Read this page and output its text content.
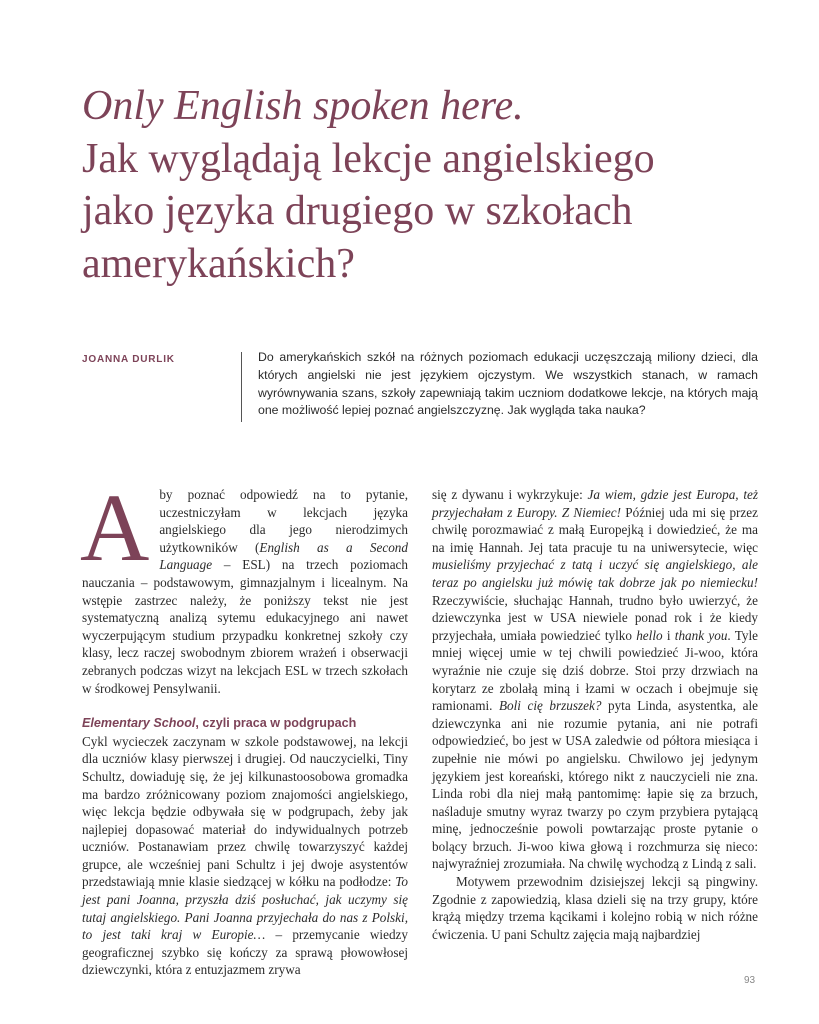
Only English spoken here.
Jak wyglądają lekcje angielskiego
jako języka drugiego w szkołach
amerykańskich?
JOANNA DURLIK	Do amerykańskich szkół na różnych poziomach edukacji uczęszczają miliony dzieci, dla których angielski nie jest językiem ojczystym. We wszystkich stanach, w ramach wyrównywania szans, szkoły zapewniają takim uczniom dodatkowe lekcje, na których mają one możliwość lepiej poznać angielszczyznę. Jak wygląda taka nauka?

Aby poznać odpowiedź na to pytanie, uczestniczyłam w lekcjach języka angielskiego dla jego nierodzimych użytkowników (English as a Second Language – ESL) na trzech poziomach nauczania – podstawowym, gimnazjalnym i licealnym. Na wstępie zastrzec należy, że poniższy tekst nie jest systematyczną analizą sytemu edukacyjnego ani nawet wyczerpującym studium przypadku konkretnej szkoły czy klasy, lecz raczej swobodnym zbiorem wrażeń i obserwacji zebranych podczas wizyt na lekcjach ESL w trzech szkołach w środkowej Pensylwanii.

Elementary School, czyli praca w podgrupach

Cykl wycieczek zaczynam w szkole podstawowej, na lekcji dla uczniów klasy pierwszej i drugiej. Od nauczycielki, Tiny Schultz, dowiaduję się, że jej kilkunastoosobowa gromadka ma bardzo zróżnicowany poziom znajomości angielskiego, więc lekcja będzie odbywała się w podgrupach, żeby jak najlepiej dopasować materiał do indywidualnych potrzeb uczniów. Postanawiam przez chwilę towarzyszyć każdej grupce, ale wcześniej pani Schultz i jej dwoje asystentów przedstawiają mnie klasie siedzącej w kółku na podłodze: To jest pani Joanna, przyszła dziś posłuchać, jak uczymy się tutaj angielskiego. Pani Joanna przyjechała do nas z Polski, to jest taki kraj w Europie… – przemycanie wiedzy geograficznej szybko się kończy za sprawą płowowłosej dziewczynki, która z entuzjazmem zrywa

się z dywanu i wykrzykuje: Ja wiem, gdzie jest Europa, też przyjechałam z Europy. Z Niemiec! Później uda mi się przez chwilę porozmawiać z małą Europejką i dowiedzieć, że ma na imię Hannah. Jej tata pracuje tu na uniwersytecie, więc musieliśmy przyjechać z tatą i uczyć się angielskiego, ale teraz po angielsku już mówię tak dobrze jak po niemiecku! Rzeczywiście, słuchając Hannah, trudno było uwierzyć, że dziewczynka jest w USA niewiele ponad rok i że kiedy przyjechała, umiała powiedzieć tylko hello i thank you. Tyle mniej więcej umie w tej chwili powiedzieć Ji-woo, która wyraźnie nie czuje się dziś dobrze. Stoi przy drzwiach na korytarz ze zbolałą miną i łzami w oczach i obejmuje się ramionami. Boli cię brzuszek? pyta Linda, asystentka, ale dziewczynka ani nie rozumie pytania, ani nie potrafi odpowiedzieć, bo jest w USA zaledwie od półtora miesiąca i zupełnie nie mówi po angielsku. Chwilowo jej jedynym językiem jest koreański, którego nikt z nauczycieli nie zna. Linda robi dla niej małą pantomimę: łapie się za brzuch, naśladuje smutny wyraz twarzy po czym przybiera pytającą minę, jednocześnie powoli powtarzając proste pytanie o bolący brzuch. Ji-woo kiwa głową i rozchmurza się nieco: najwyraźniej zrozumiała. Na chwilę wychodzą z Lindą z sali.

Motywem przewodnim dzisiejszej lekcji są pingwiny. Zgodnie z zapowiedzią, klasa dzieli się na trzy grupy, które krążą między trzema kącikami i kolejno robią w nich różne ćwiczenia. U pani Schultz zajęcia mają najbardziej

93
